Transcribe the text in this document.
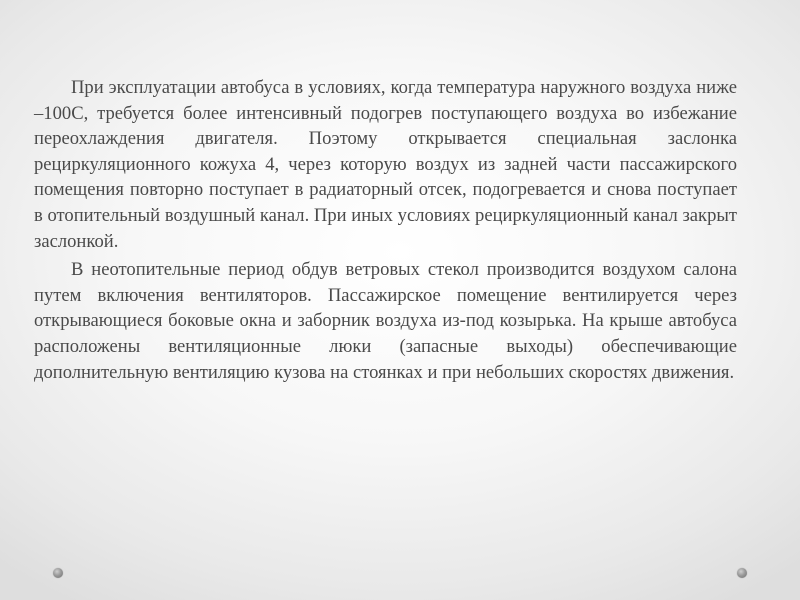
При эксплуатации автобуса в условиях, когда температура наружного воздуха ниже –100С, требуется более интенсивный подогрев поступающего воздуха во избежание переохлаждения двигателя. Поэтому открывается специальная заслонка рециркуляционного кожуха 4, через которую воздух из задней части пассажирского помещения повторно поступает в радиаторный отсек, подогревается и снова поступает в отопительный воздушный канал. При иных условиях рециркуляционный канал закрыт заслонкой.

В неотопительные период обдув ветровых стекол производится воздухом салона путем включения вентиляторов. Пассажирское помещение вентилируется через открывающиеся боковые окна и заборник воздуха из-под козырька. На крыше автобуса расположены вентиляционные люки (запасные выходы) обеспечивающие дополнительную вентиляцию кузова на стоянках и при небольших скоростях движения.
